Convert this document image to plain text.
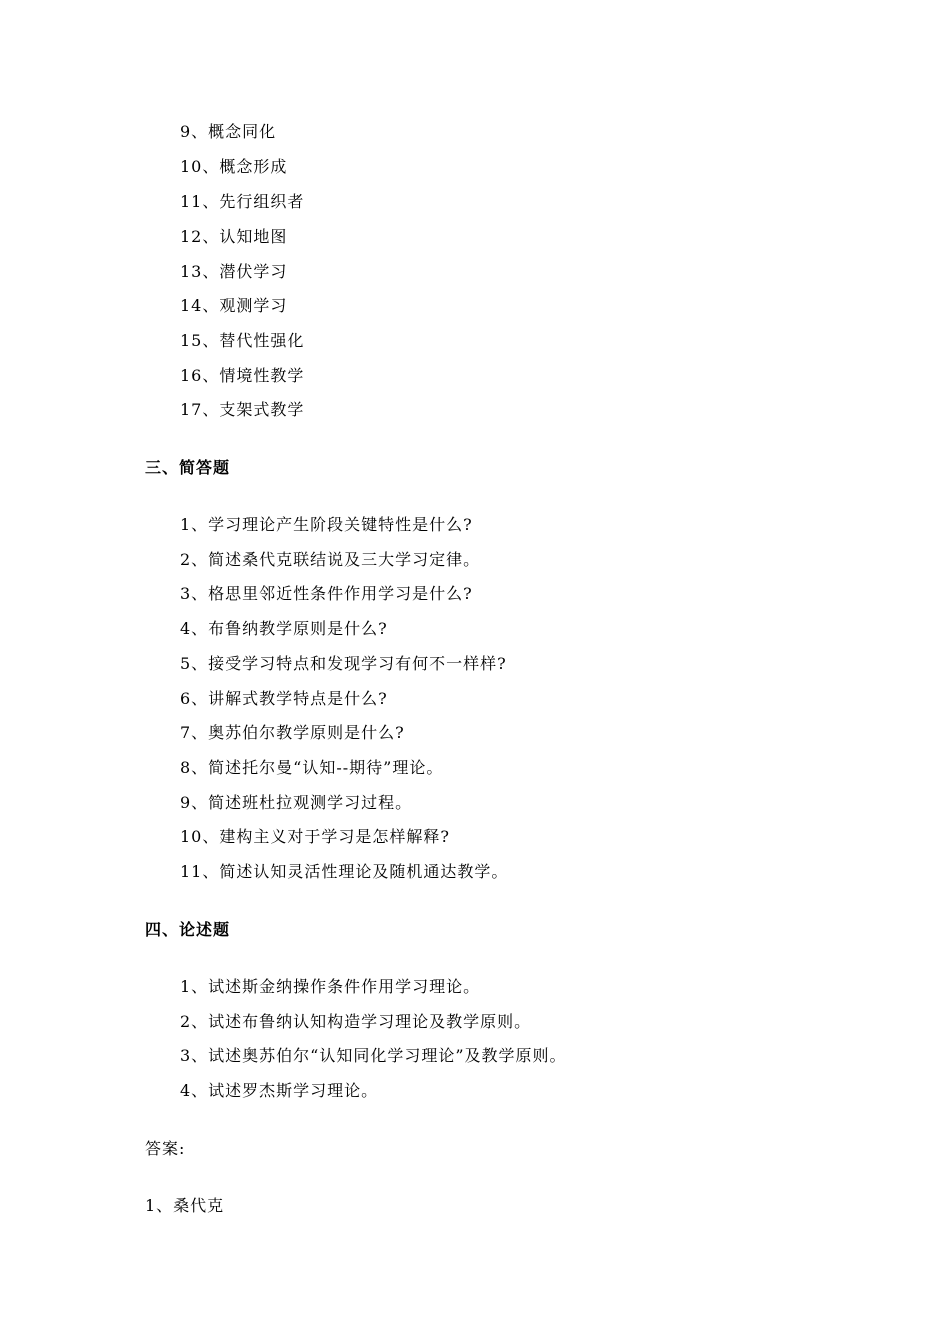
9、概念同化
10、概念形成
11、先行组织者
12、认知地图
13、潜伏学习
14、观测学习
15、替代性强化
16、情境性教学
17、支架式教学
三、简答题
1、学习理论产生阶段关键特性是什么?
2、简述桑代克联结说及三大学习定律。
3、格思里邻近性条件作用学习是什么?
4、布鲁纳教学原则是什么?
5、接受学习特点和发现学习有何不一样样?
6、讲解式教学特点是什么?
7、奥苏伯尔教学原则是什么?
8、简述托尔曼“认知--期待”理论。
9、简述班杜拉观测学习过程。
10、建构主义对于学习是怎样解释?
11、简述认知灵活性理论及随机通达教学。
四、论述题
1、试述斯金纳操作条件作用学习理论。
2、试述布鲁纳认知构造学习理论及教学原则。
3、试述奥苏伯尔“认知同化学习理论”及教学原则。
4、试述罗杰斯学习理论。
答案:
1、桑代克
